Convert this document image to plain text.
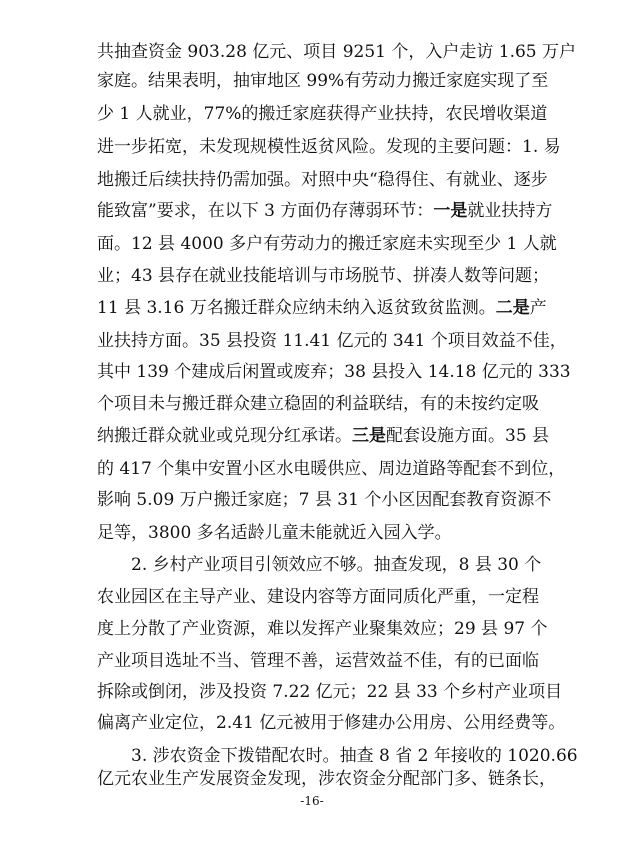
共抽查资金 903.28 亿元、项目 9251 个，入户走访 1.65 万户
家庭。结果表明，抽审地区 99%有劳动力搬迁家庭实现了至
少 1 人就业，77%的搬迁家庭获得产业扶持，农民增收渠道
进一步拓宽，未发现规模性返贫风险。发现的主要问题：1. 易
地搬迁后续扶持仍需加强。对照中央“稳得住、有就业、逐步
能致富”要求，在以下 3 方面仍存薄弱环节：一是就业扶持方
面。12 县 4000 多户有劳动力的搬迁家庭未实现至少 1 人就
业；43 县存在就业技能培训与市场脱节、拼凑人数等问题；
11 县 3.16 万名搬迁群众应纳未纳入返贫致贫监测。二是产
业扶持方面。35 县投资 11.41 亿元的 341 个项目效益不佳，
其中 139 个建成后闲置或废弃；38 县投入 14.18 亿元的 333
个项目未与搬迁群众建立稳固的利益联结，有的未按约定吸
纳搬迁群众就业或兑现分红承诺。三是配套设施方面。35 县
的 417 个集中安置小区水电暖供应、周边道路等配套不到位，
影响 5.09 万户搬迁家庭；7 县 31 个小区因配套教育资源不
足等，3800 多名适龄儿童未能就近入园入学。
2. 乡村产业项目引领效应不够。抽查发现，8 县 30 个
农业园区在主导产业、建设内容等方面同质化严重，一定程
度上分散了产业资源，难以发挥产业聚集效应；29 县 97 个
产业项目选址不当、管理不善，运营效益不佳，有的已面临
拆除或倒闭，涉及投资 7.22 亿元；22 县 33 个乡村产业项目
偏离产业定位，2.41 亿元被用于修建办公用房、公用经费等。
3. 涉农资金下拨错配农时。抽查 8 省 2 年接收的 1020.66
亿元农业生产发展资金发现，涉农资金分配部门多、链条长，
-16-
